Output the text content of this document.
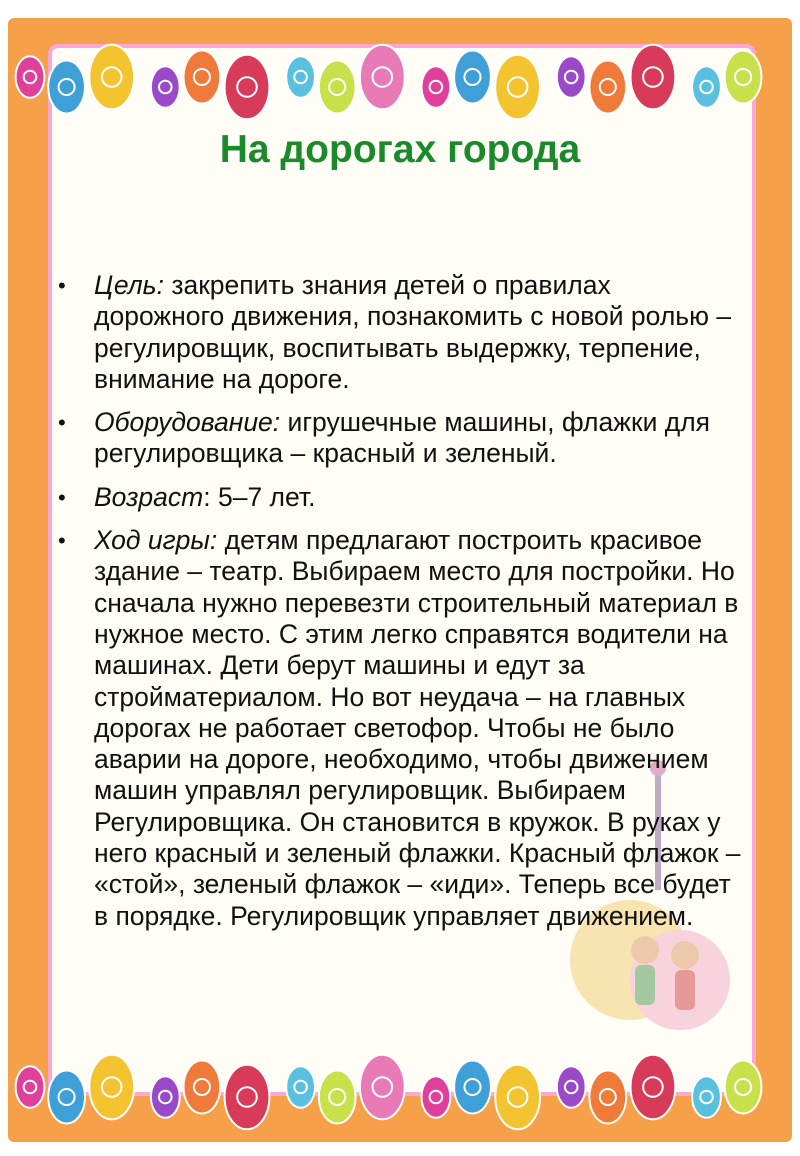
На дорогах города
• Цель: закрепить знания детей о правилах дорожного движения, познакомить с новой ролью – регулировщик, воспитывать выдержку, терпение, внимание на дороге.
• Оборудование: игрушечные машины, флажки для регулировщика – красный и зеленый.
• Возраст: 5–7 лет.
• Ход игры: детям предлагают построить красивое здание – театр. Выбираем место для постройки. Но сначала нужно перевезти строительный материал в нужное место. С этим легко справятся водители на машинах. Дети берут машины и едут за стройматериалом. Но вот неудача – на главных дорогах не работает светофор. Чтобы не было аварии на дороге, необходимо, чтобы движением машин управлял регулировщик. Выбираем Регулировщика. Он становится в кружок. В руках у него красный и зеленый флажки. Красный флажок – «стой», зеленый флажок – «иди». Теперь все будет в порядке. Регулировщик управляет движением.
